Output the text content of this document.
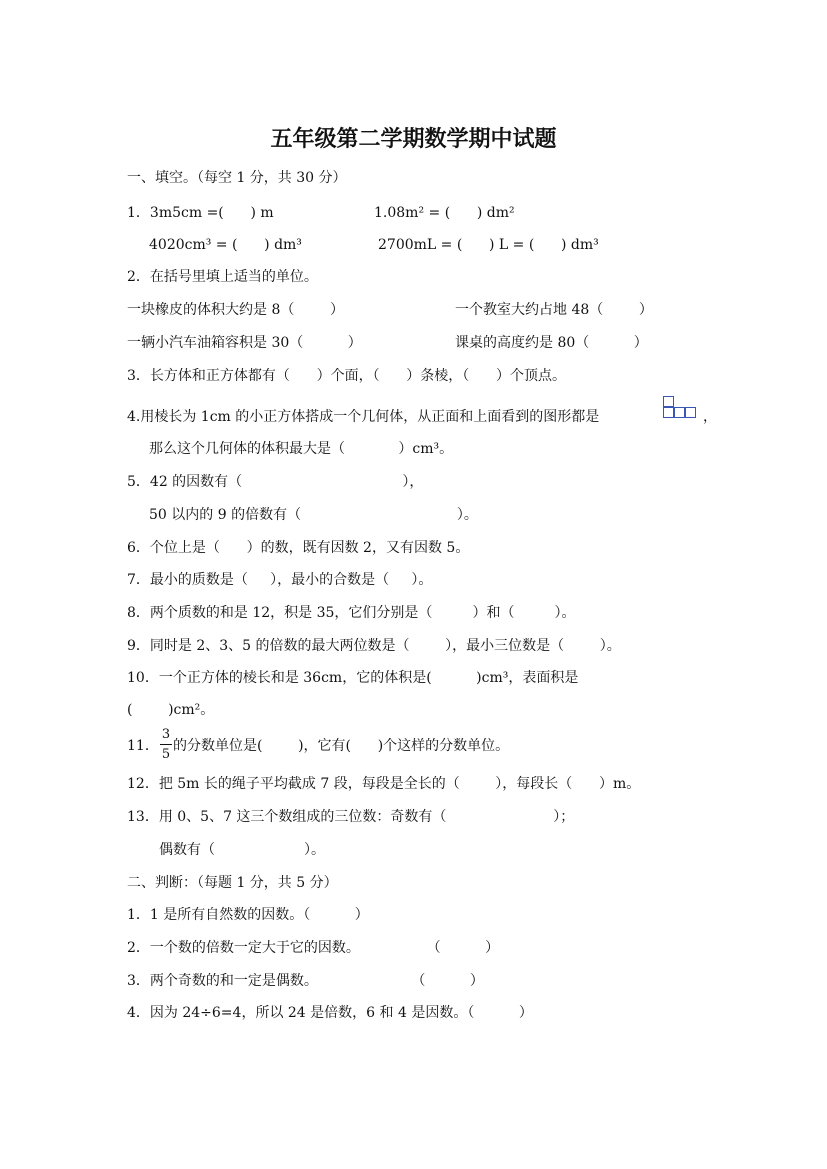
五年级第二学期数学期中试题
一、填空。（每空 1 分，共 30 分）
1．3m5cm =(      ) m	1.08m² = (      ) dm²
4020cm³ = (      ) dm³	2700mL = (      ) L = (      ) dm³
2．在括号里填上适当的单位。
一块橡皮的体积大约是 8（        ）	一个教室大约占地 48（        ）
一辆小汽车油箱容积是 30（          ）	课桌的高度约是 80（          ）
3．长方体和正方体都有（      ）个面，（      ）条棱，（      ）个顶点。
4.用棱长为 1cm 的小正方体搭成一个几何体，从正面和上面看到的图形都是	，
那么这个几何体的体积最大是（            ）cm³。
5．42 的因数有（                                    ），
50 以内的 9 的倍数有（                                   ）。
6．个位上是（      ）的数，既有因数 2，又有因数 5。
7．最小的质数是（     ），最小的合数是（     ）。
8．两个质数的和是 12，积是 35，它们分别是（         ）和（         ）。
9．同时是 2、3、5 的倍数的最大两位数是（        ），最小三位数是（        ）。
10．一个正方体的棱长和是 36cm，它的体积是(          )cm³，表面积是
(        )cm²。
11．
3
5
的分数单位是(        )，它有(      )个这样的分数单位。
12．把 5m 长的绳子平均截成 7 段，每段是全长的（        ），每段长（      ）m。
13．用 0、5、7 这三个数组成的三位数：奇数有（                        ）；
偶数有（                    ）。
二、判断：（每题 1 分，共 5 分）
1．1 是所有自然数的因数。（          ）
2．一个数的倍数一定大于它的因数。               （          ）
3．两个奇数的和一定是偶数。                     （          ）
4．因为 24÷6=4，所以 24 是倍数，6 和 4 是因数。（          ）
